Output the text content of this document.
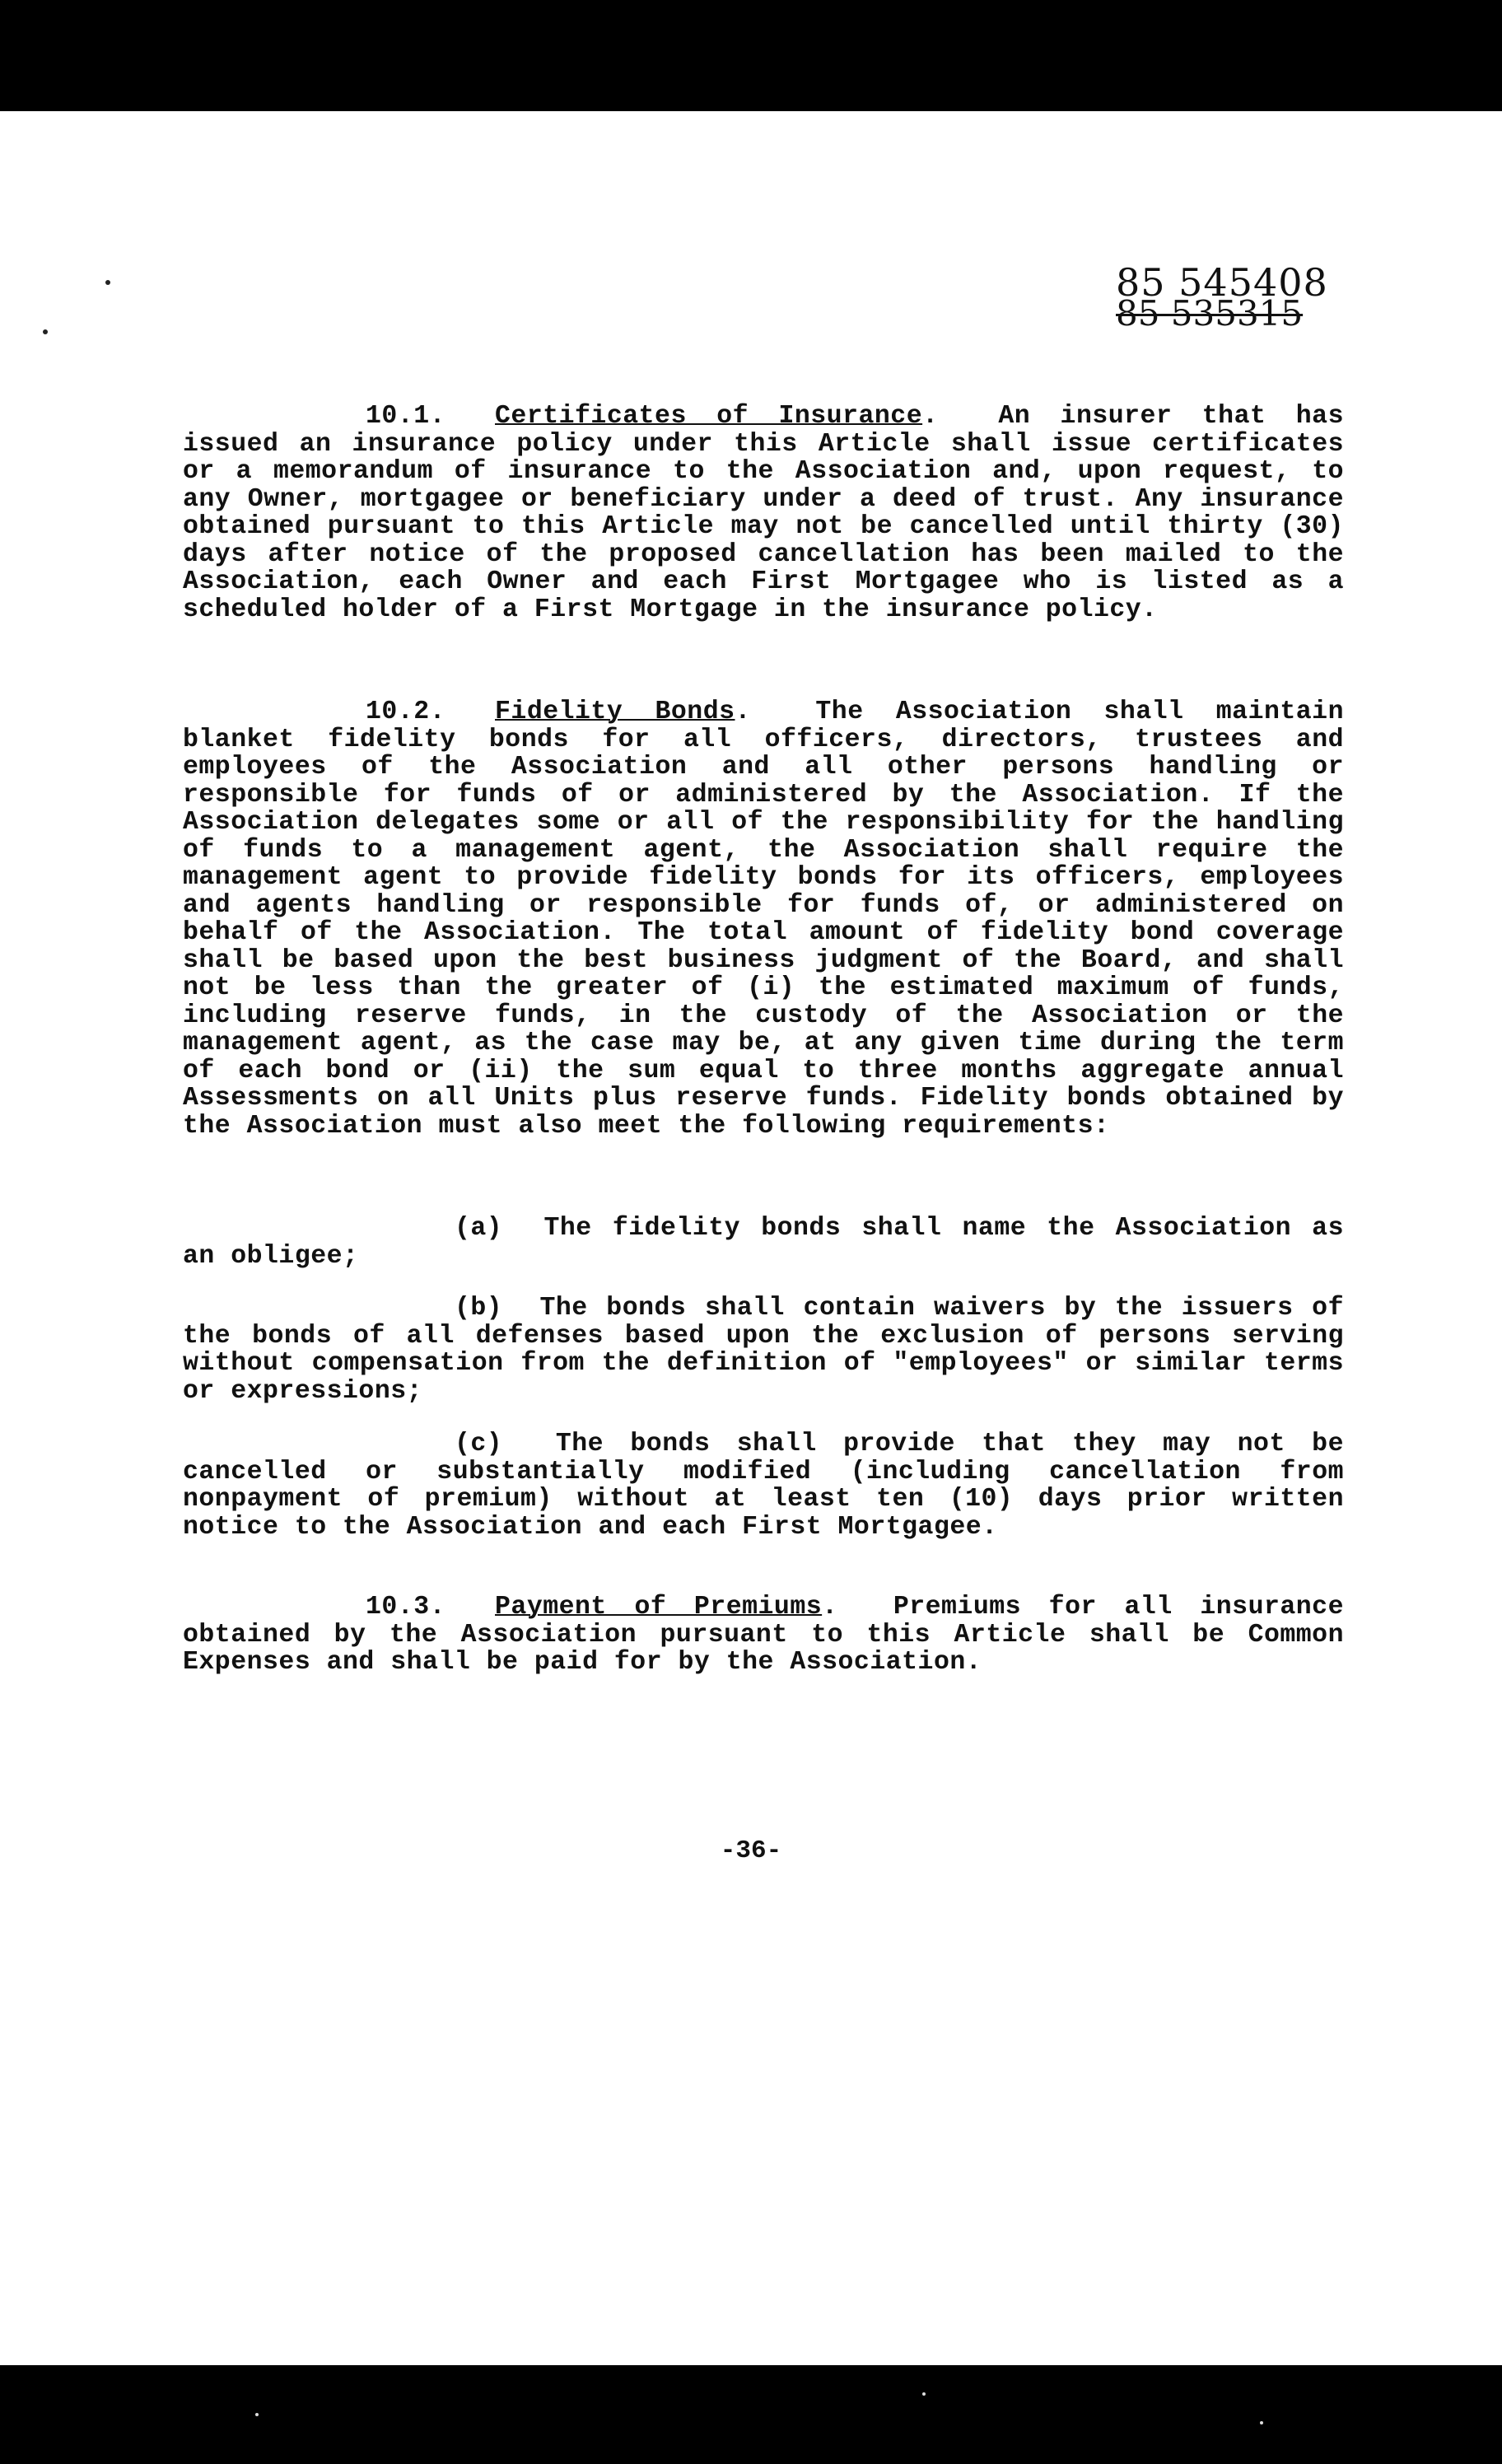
85 545408
85 535315
10.1. Certificates of Insurance.  An insurer that has issued an insurance policy under this Article shall issue certificates or a memorandum of insurance to the Association and, upon request, to any Owner, mortgagee or beneficiary under a deed of trust. Any insurance obtained pursuant to this Article may not be cancelled until thirty (30) days after notice of the proposed cancellation has been mailed to the Association, each Owner and each First Mortgagee who is listed as a scheduled holder of a First Mortgage in the insurance policy.
10.2. Fidelity Bonds.  The Association shall maintain blanket fidelity bonds for all officers, directors, trustees and employees of the Association and all other persons handling or responsible for funds of or administered by the Association. If the Association delegates some or all of the responsibility for the handling of funds to a management agent, the Association shall require the management agent to provide fidelity bonds for its officers, employees and agents handling or responsible for funds of, or administered on behalf of the Association. The total amount of fidelity bond coverage shall be based upon the best business judgment of the Board, and shall not be less than the greater of (i) the estimated maximum of funds, including reserve funds, in the custody of the Association or the management agent, as the case may be, at any given time during the term of each bond or (ii) the sum equal to three months aggregate annual Assessments on all Units plus reserve funds. Fidelity bonds obtained by the Association must also meet the following requirements:
(a) The fidelity bonds shall name the Association as an obligee;
(b) The bonds shall contain waivers by the issuers of the bonds of all defenses based upon the exclusion of persons serving without compensation from the definition of "employees" or similar terms or expressions;
(c) The bonds shall provide that they may not be cancelled or substantially modified (including cancellation from nonpayment of premium) without at least ten (10) days prior written notice to the Association and each First Mortgagee.
10.3. Payment of Premiums.  Premiums for all insurance obtained by the Association pursuant to this Article shall be Common Expenses and shall be paid for by the Association.
-36-
